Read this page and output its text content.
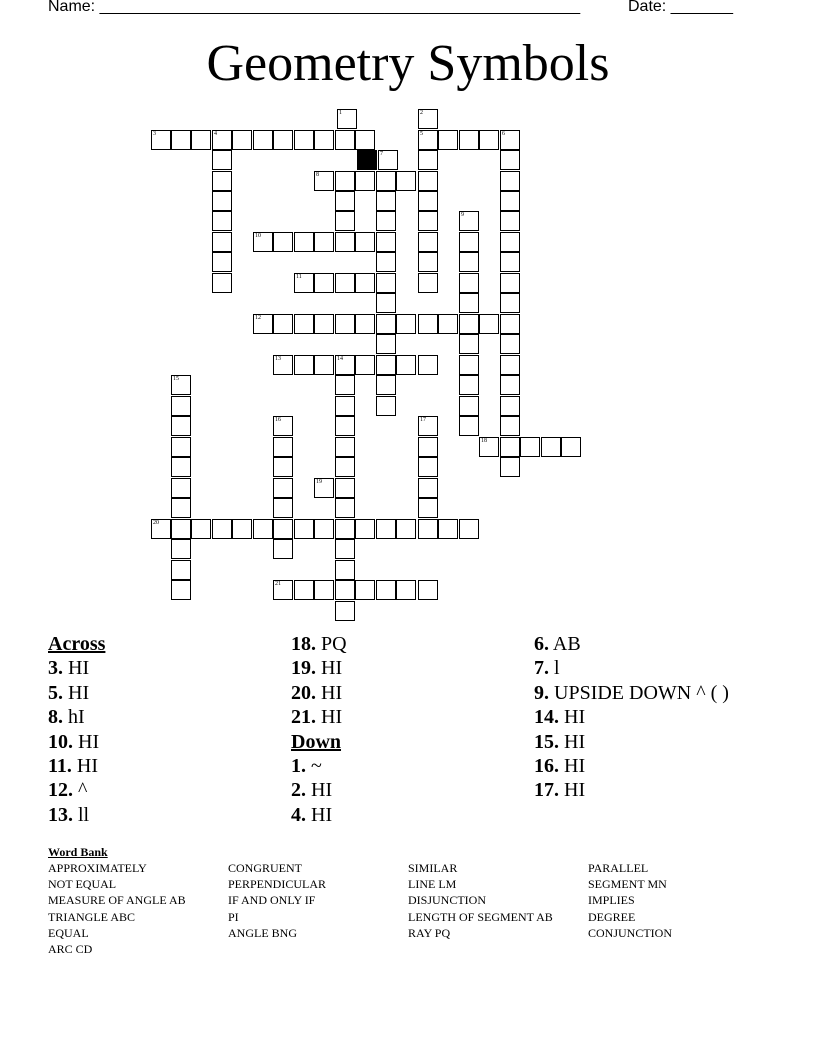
Name: ______________________________________________________	Date: _______
Geometry Symbols
1	2
3	4	5	6
7
8
9
10
11
12
13	14
15
16	17
18
19
20
21
Across
3. HI
5. HI
8. hI
10. HI
11. HI
12. ^
13. ll
18. PQ
19. HI
20. HI
21. HI
Down
1. ~
2. HI
4. HI
6. AB
7. l
9. UPSIDE DOWN ^ ( )
14. HI
15. HI
16. HI
17. HI
Word Bank
APPROXIMATELY
NOT EQUAL
MEASURE OF ANGLE AB
TRIANGLE ABC
EQUAL
ARC CD
CONGRUENT
PERPENDICULAR
IF AND ONLY IF
PI
ANGLE BNG
SIMILAR
LINE LM
DISJUNCTION
LENGTH OF SEGMENT AB
RAY PQ
PARALLEL
SEGMENT MN
IMPLIES
DEGREE
CONJUNCTION
